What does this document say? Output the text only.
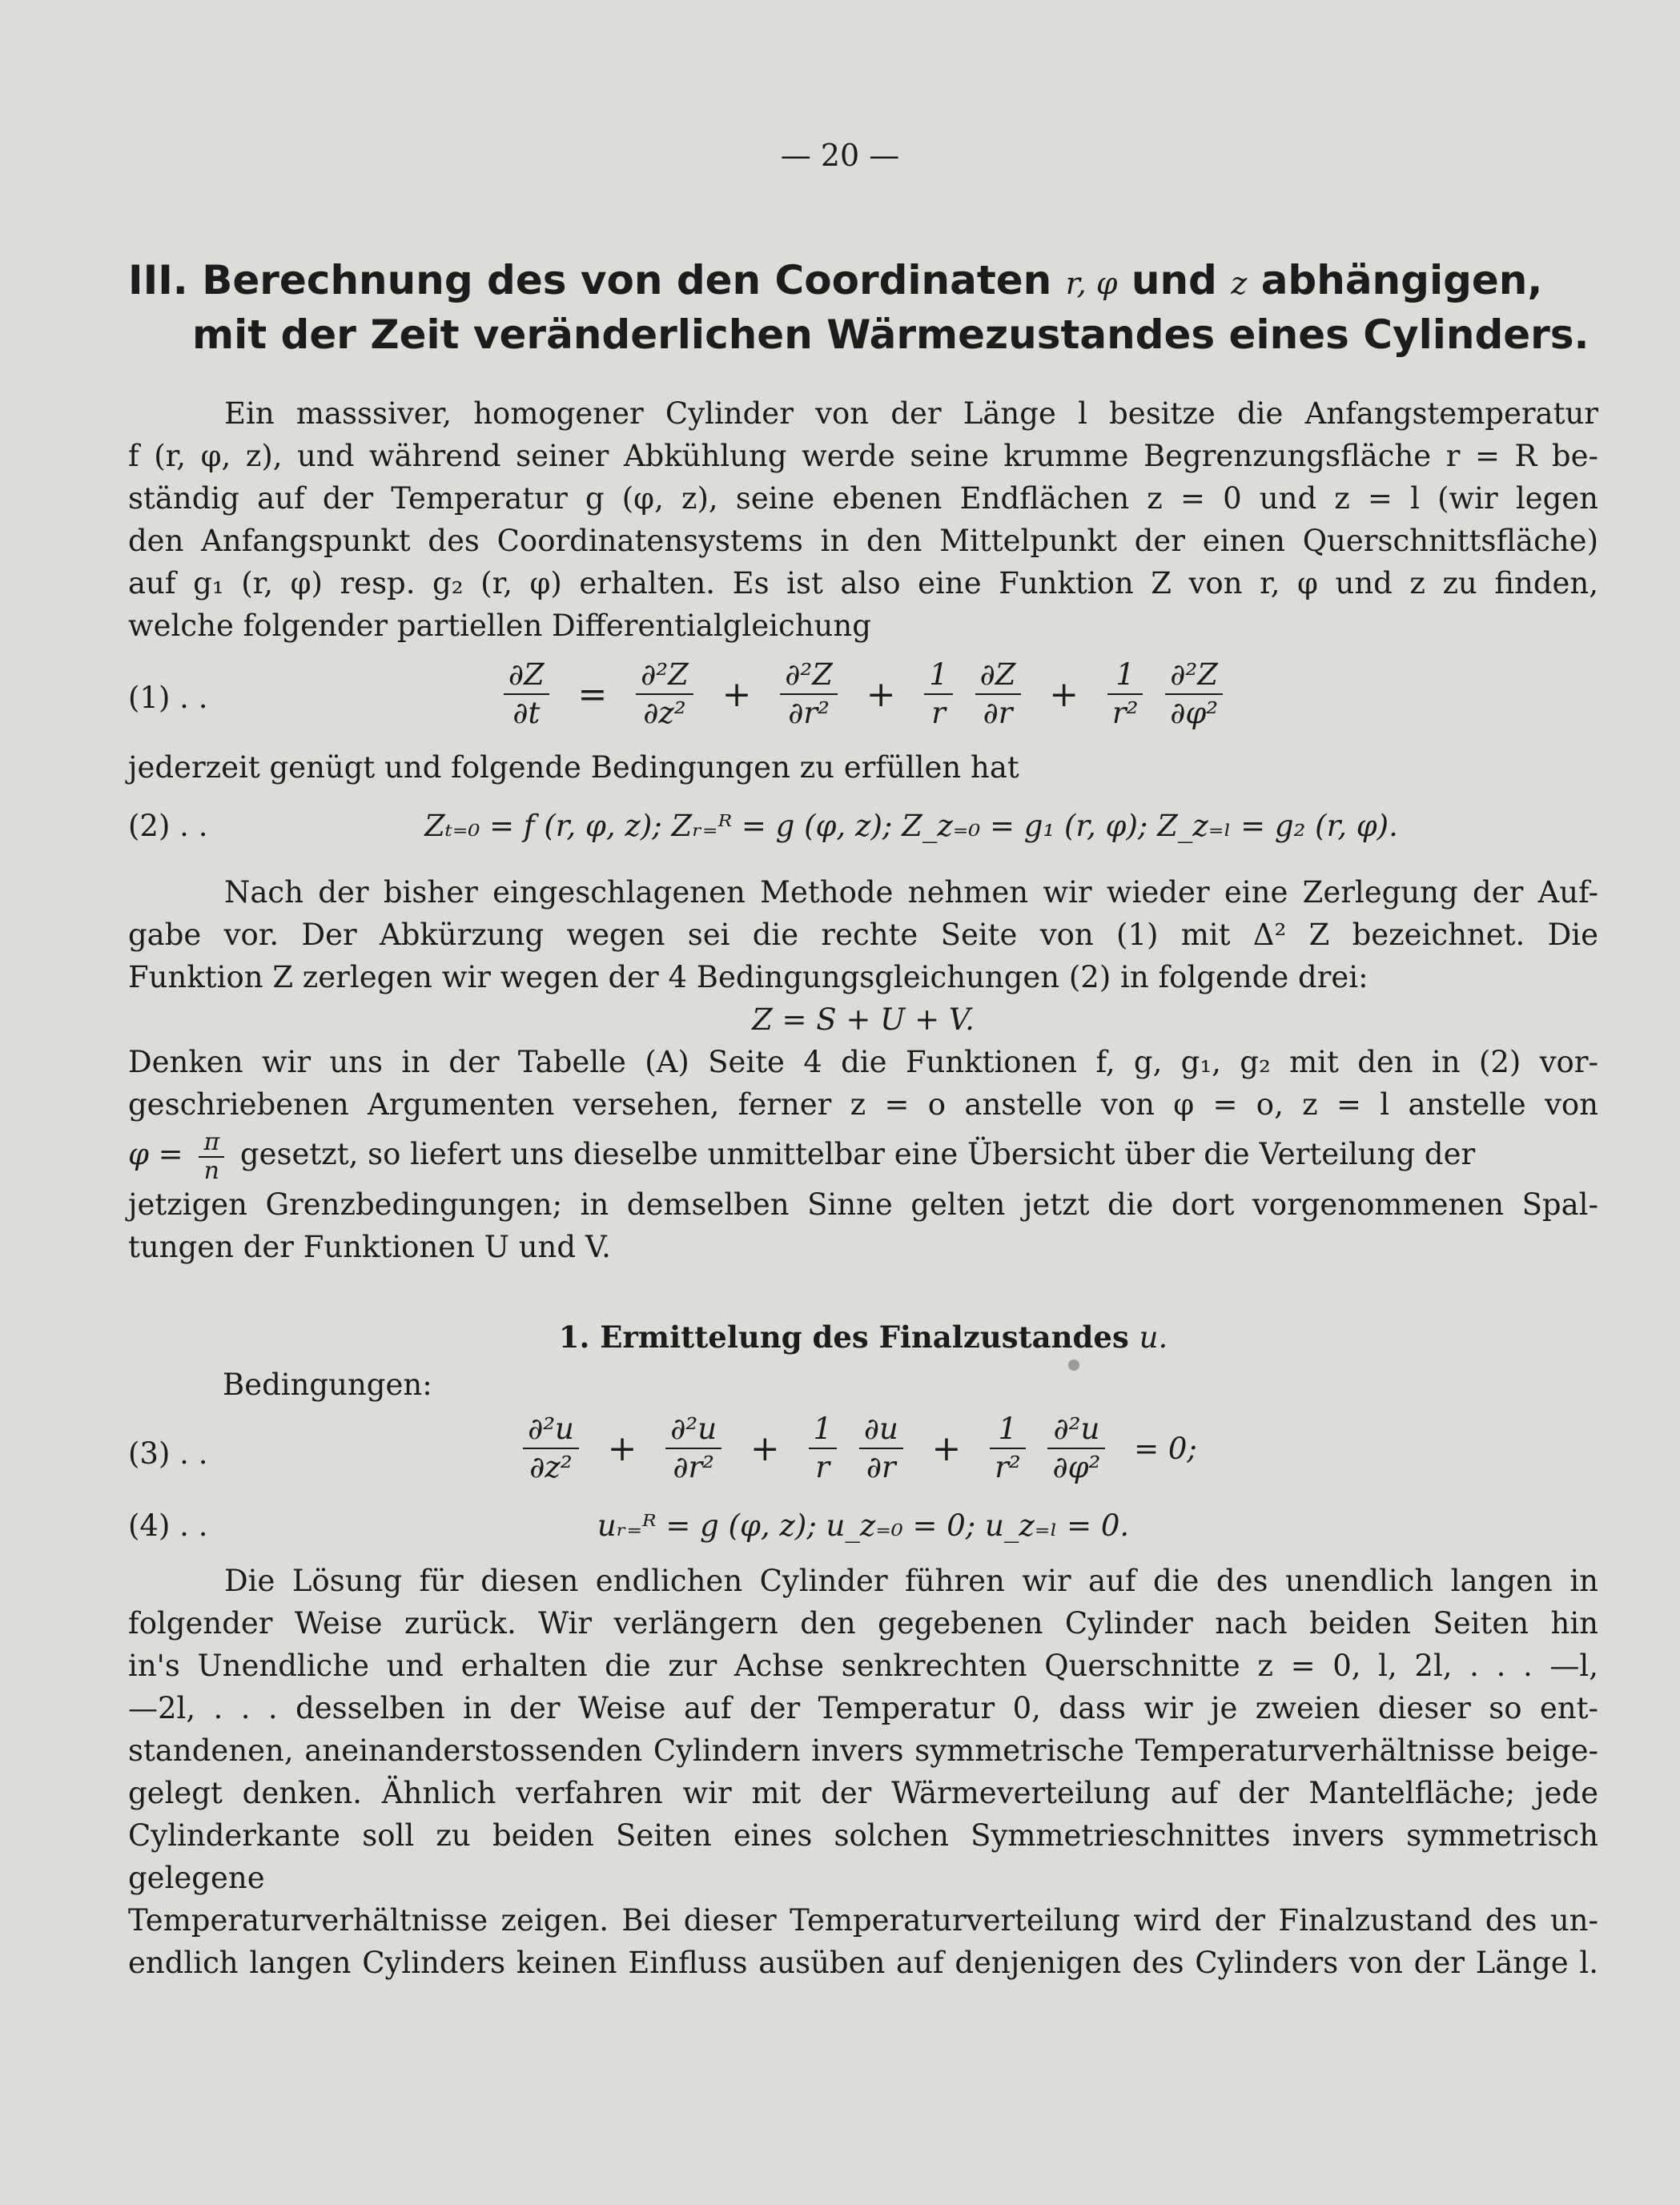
— 20 —
III. Berechnung des von den Coordinaten r, φ und z abhängigen,
mit der Zeit veränderlichen Wärmezustandes eines Cylinders.
Ein masssiver, homogener Cylinder von der Länge l besitze die Anfangstemperatur
f (r, φ, z), und während seiner Abkühlung werde seine krumme Begrenzungsfläche r = R be-
ständig auf der Temperatur g (φ, z), seine ebenen Endflächen z = 0 und z = l (wir legen
den Anfangspunkt des Coordinatensystems in den Mittelpunkt der einen Querschnittsfläche)
auf g₁ (r, φ) resp. g₂ (r, φ) erhalten. Es ist also eine Funktion Z von r, φ und z zu finden,
welche folgender partiellen Differentialgleichung
(1) . .	$\frac{\partial Z}{\partial t} = \frac{\text{∂²Z}}{\text{∂z²}} + \frac{\text{∂²Z}}{\text{∂r²}} + \frac{1}{r}$
$\frac{\partial Z}{\partial r} + \frac{1}{\text{r²}}$
$\frac{\text{∂²Z}}{\text{∂φ²}}$
jederzeit genügt und folgende Bedingungen zu erfüllen hat
(2) . .	Zₜ₌₀ = f (r, φ, z); Zᵣ₌ᴿ = g (φ, z); Z_z₌₀ = g₁ (r, φ); Z_z₌ₗ = g₂ (r, φ).
Nach der bisher eingeschlagenen Methode nehmen wir wieder eine Zerlegung der Auf-
gabe vor. Der Abkürzung wegen sei die rechte Seite von (1) mit Δ² Z bezeichnet. Die
Funktion Z zerlegen wir wegen der 4 Bedingungsgleichungen (2) in folgende drei:
Z = S + U + V.
Denken wir uns in der Tabelle (A) Seite 4 die Funktionen f, g, g₁, g₂ mit den in (2) vor-
geschriebenen Argumenten versehen, ferner z = o anstelle von φ = o, z = l anstelle von
$\varphi = \frac{\pi}{n}$ gesetzt, so liefert uns dieselbe unmittelbar eine Übersicht über die Verteilung der
jetzigen Grenzbedingungen; in demselben Sinne gelten jetzt die dort vorgenommenen Spal-
tungen der Funktionen U und V.
1. Ermittelung des Finalzustandes u.
Bedingungen:
(3) . .	$\frac{\text{∂²u}}{\text{∂z²}} + \frac{\text{∂²u}}{\text{∂r²}} + \frac{1}{r}$
$\frac{\partial u}{\partial r} + \frac{1}{\text{r²}}$
$\frac{\text{∂²u}}{\text{∂φ²}} = 0$;
(4) . .	uᵣ₌ᴿ = g (φ, z); u_z₌₀ = 0; u_z₌ₗ = 0.
Die Lösung für diesen endlichen Cylinder führen wir auf die des unendlich langen in
folgender Weise zurück. Wir verlängern den gegebenen Cylinder nach beiden Seiten hin
in's Unendliche und erhalten die zur Achse senkrechten Querschnitte z = 0, l, 2l, . . . —l,
—2l, . . . desselben in der Weise auf der Temperatur 0, dass wir je zweien dieser so ent-
standenen, aneinanderstossenden Cylindern invers symmetrische Temperaturverhältnisse beige-
gelegt denken. Ähnlich verfahren wir mit der Wärmeverteilung auf der Mantelfläche; jede
Cylinderkante soll zu beiden Seiten eines solchen Symmetrieschnittes invers symmetrisch gelegene
Temperaturverhältnisse zeigen. Bei dieser Temperaturverteilung wird der Finalzustand des un-
endlich langen Cylinders keinen Einfluss ausüben auf denjenigen des Cylinders von der Länge l.
